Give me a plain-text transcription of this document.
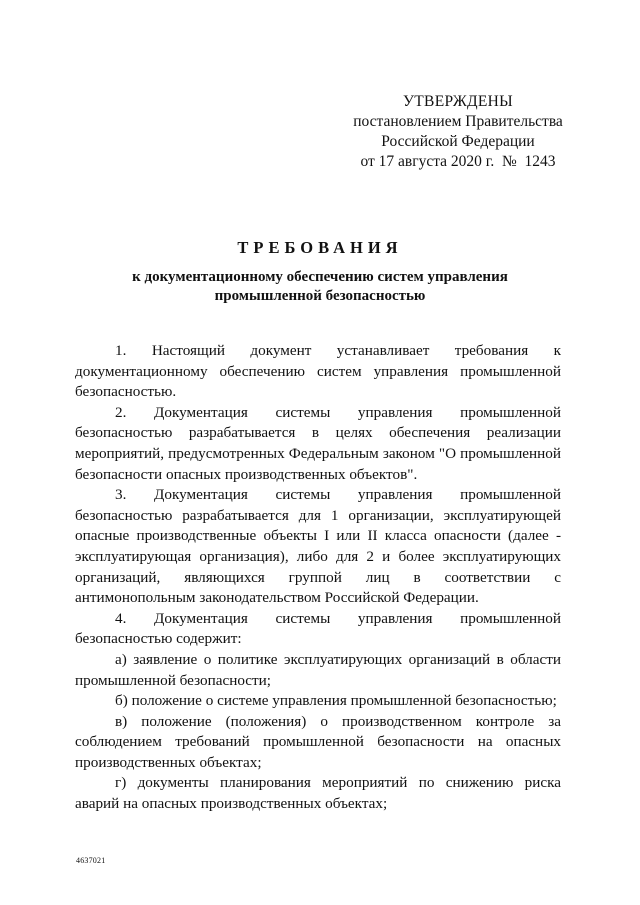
УТВЕРЖДЕНЫ
постановлением Правительства
Российской Федерации
от 17 августа 2020 г.  №  1243
ТРЕБОВАНИЯ
к документационному обеспечению систем управления
промышленной безопасностью

1. Настоящий документ устанавливает требования к документационному обеспечению систем управления промышленной безопасностью.

2. Документация системы управления промышленной безопасностью разрабатывается в целях обеспечения реализации мероприятий, предусмотренных Федеральным законом "О промышленной безопасности опасных производственных объектов".

3. Документация системы управления промышленной безопасностью разрабатывается для 1 организации, эксплуатирующей опасные производственные объекты I или II класса опасности (далее - эксплуатирующая организация), либо для 2 и более эксплуатирующих организаций, являющихся группой лиц в соответствии с антимонопольным законодательством Российской Федерации.

4. Документация системы управления промышленной безопасностью содержит:

а) заявление о политике эксплуатирующих организаций в области промышленной безопасности;

б) положение о системе управления промышленной безопасностью;

в) положение (положения) о производственном контроле за соблюдением требований промышленной безопасности на опасных производственных объектах;

г) документы планирования мероприятий по снижению риска аварий на опасных производственных объектах;

4637021
